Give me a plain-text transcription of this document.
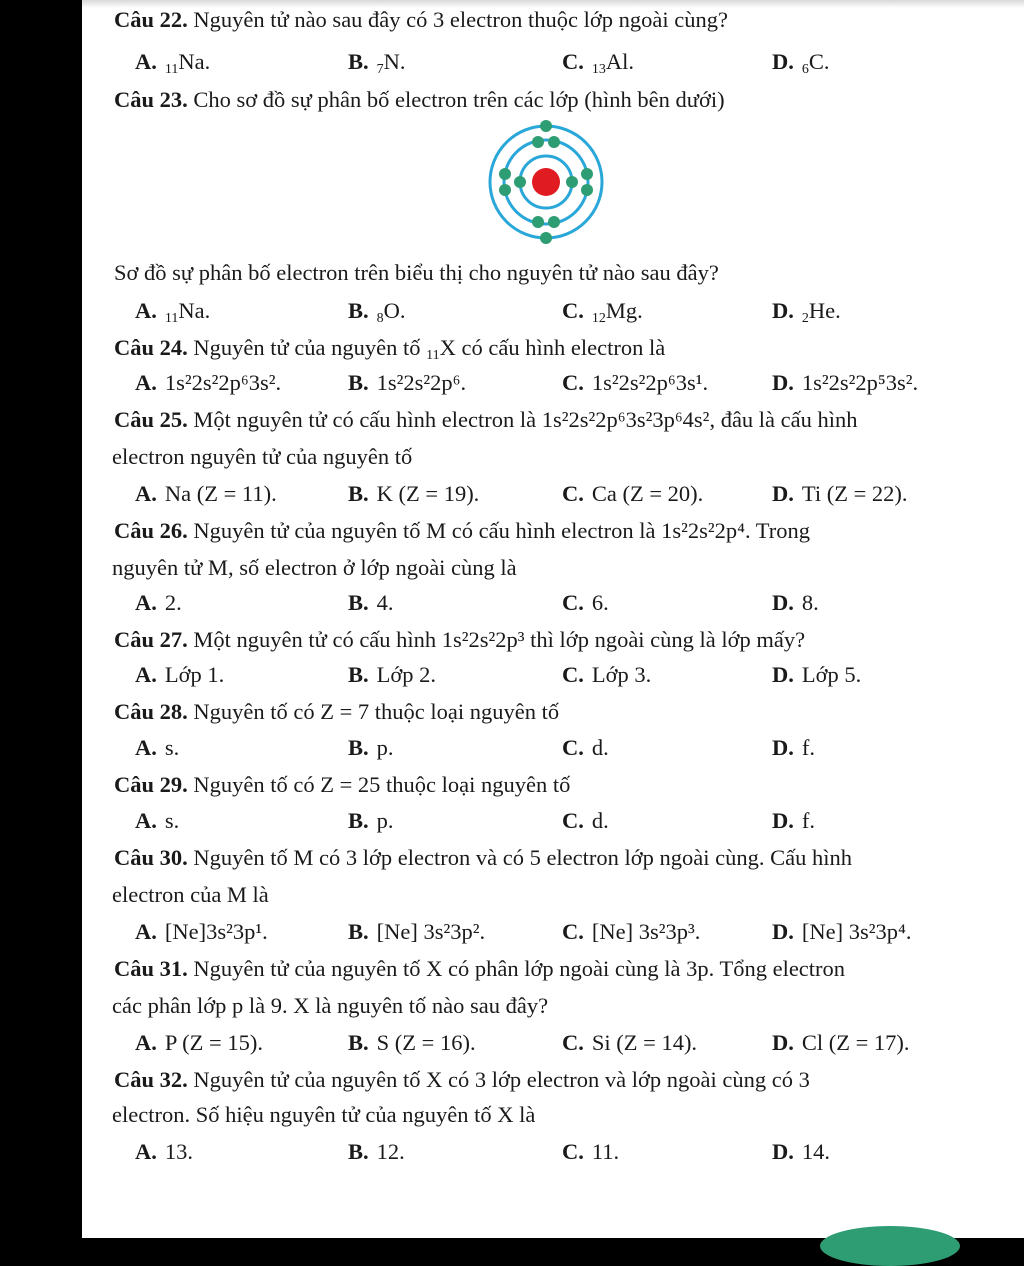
Câu 22. Nguyên tử nào sau đây có 3 electron thuộc lớp ngoài cùng?
A. $_{11}$Na.	B. $_7$N.	C. $_{13}$Al.	D. $_6$C.
Câu 23. Cho sơ đồ sự phân bố electron trên các lớp (hình bên dưới)
Sơ đồ sự phân bố electron trên biểu thị cho nguyên tử nào sau đây?
A. $_{11}$Na.	B. $_8$O.	C. $_{12}$Mg.	D. $_2$He.
Câu 24. Nguyên tử của nguyên tố $_{11}$X có cấu hình electron là
A. 1s²2s²2p⁶3s².	B. 1s²2s²2p⁶.	C. 1s²2s²2p⁶3s¹.	D. 1s²2s²2p⁵3s².
Câu 25. Một nguyên tử có cấu hình electron là 1s²2s²2p⁶3s²3p⁶4s², đâu là cấu hình
electron nguyên tử của nguyên tố
A. Na (Z = 11).	B. K (Z = 19).	C. Ca (Z = 20).	D. Ti (Z = 22).
Câu 26. Nguyên tử của nguyên tố M có cấu hình electron là 1s²2s²2p⁴. Trong
nguyên tử M, số electron ở lớp ngoài cùng là
A. 2.	B. 4.	C. 6.	D. 8.
Câu 27. Một nguyên tử có cấu hình 1s²2s²2p³ thì lớp ngoài cùng là lớp mấy?
A. Lớp 1.	B. Lớp 2.	C. Lớp 3.	D. Lớp 5.
Câu 28. Nguyên tố có Z = 7 thuộc loại nguyên tố
A. s.	B. p.	C. d.	D. f.
Câu 29. Nguyên tố có Z = 25 thuộc loại nguyên tố
A. s.	B. p.	C. d.	D. f.
Câu 30. Nguyên tố M có 3 lớp electron và có 5 electron lớp ngoài cùng. Cấu hình
electron của M là
A. [Ne]3s²3p¹.	B. [Ne] 3s²3p².	C. [Ne] 3s²3p³.	D. [Ne] 3s²3p⁴.
Câu 31. Nguyên tử của nguyên tố X có phân lớp ngoài cùng là 3p. Tổng electron
các phân lớp p là 9. X là nguyên tố nào sau đây?
A. P (Z = 15).	B. S (Z = 16).	C. Si (Z = 14).	D. Cl (Z = 17).
Câu 32. Nguyên tử của nguyên tố X có 3 lớp electron và lớp ngoài cùng có 3
electron. Số hiệu nguyên tử của nguyên tố X là
A. 13.	B. 12.	C. 11.	D. 14.
